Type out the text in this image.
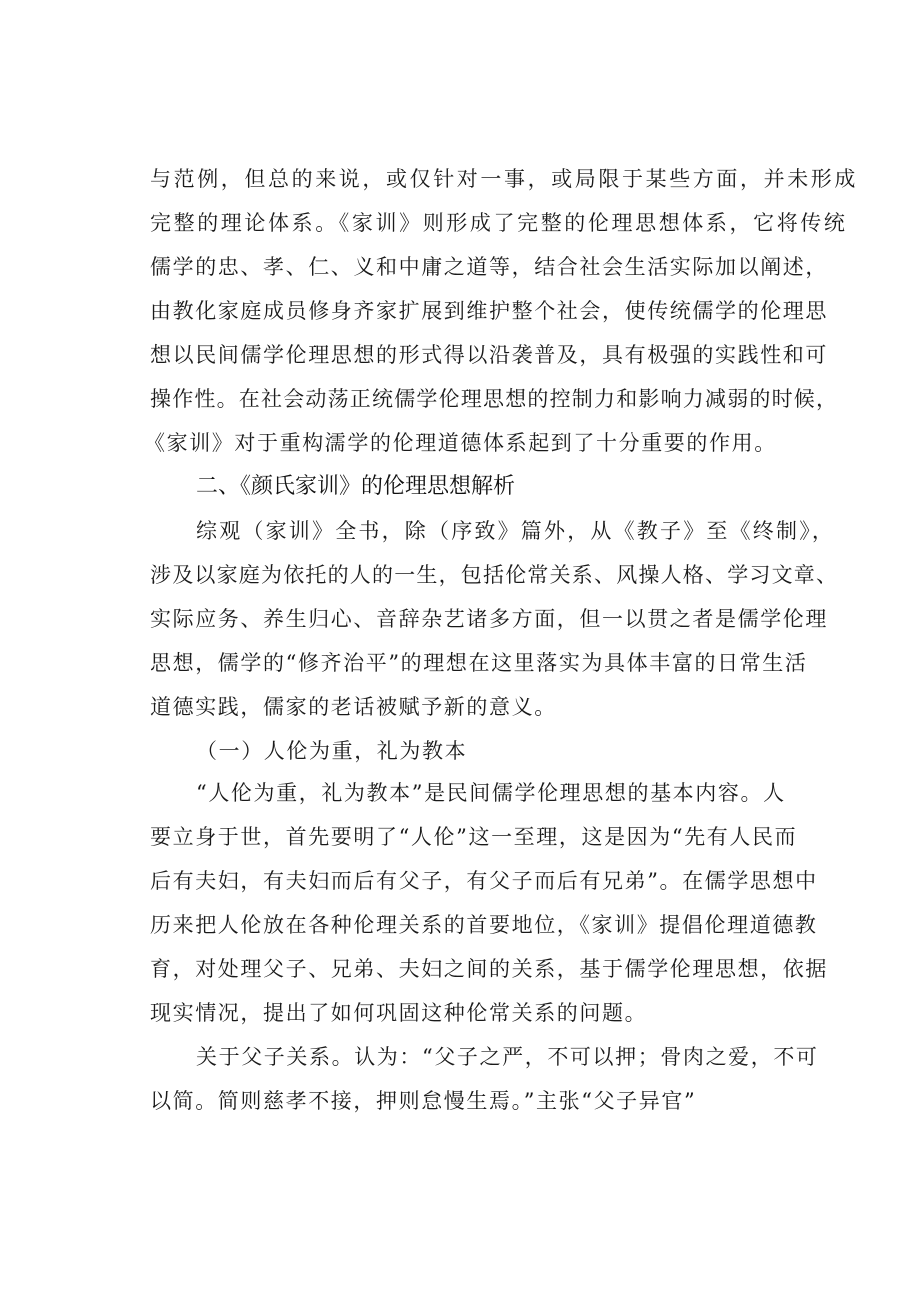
与范例，但总的来说，或仅针对一事，或局限于某些方面，并未形成
完整的理论体系。《家训》则形成了完整的伦理思想体系，它将传统
儒学的忠、孝、仁、义和中庸之道等，结合社会生活实际加以阐述，
由教化家庭成员修身齐家扩展到维护整个社会，使传统儒学的伦理思
想以民间儒学伦理思想的形式得以沿袭普及，具有极强的实践性和可
操作性。在社会动荡正统儒学伦理思想的控制力和影响力减弱的时候，
《家训》对于重构濡学的伦理道德体系起到了十分重要的作用。
二、《颜氏家训》的伦理思想解析
综观（家训》全书，除（序致》篇外，从《教子》至《终制》，
涉及以家庭为依托的人的一生，包括伦常关系、风操人格、学习文章、
实际应务、养生归心、音辞杂艺诸多方面，但一以贯之者是儒学伦理
思想，儒学的“修齐治平”的理想在这里落实为具体丰富的日常生活
道德实践，儒家的老话被赋予新的意义。
（一）人伦为重，礼为教本
“人伦为重，礼为教本”是民间儒学伦理思想的基本内容。人
要立身于世，首先要明了“人伦”这一至理，这是因为“先有人民而
后有夫妇，有夫妇而后有父子，有父子而后有兄弟”。在儒学思想中
历来把人伦放在各种伦理关系的首要地位，《家训》提倡伦理道德教
育，对处理父子、兄弟、夫妇之间的关系，基于儒学伦理思想，依据
现实情况，提出了如何巩固这种伦常关系的问题。
关于父子关系。认为：“父子之严，不可以押；骨肉之爱，不可
以简。简则慈孝不接，押则怠慢生焉。”主张“父子异官”
